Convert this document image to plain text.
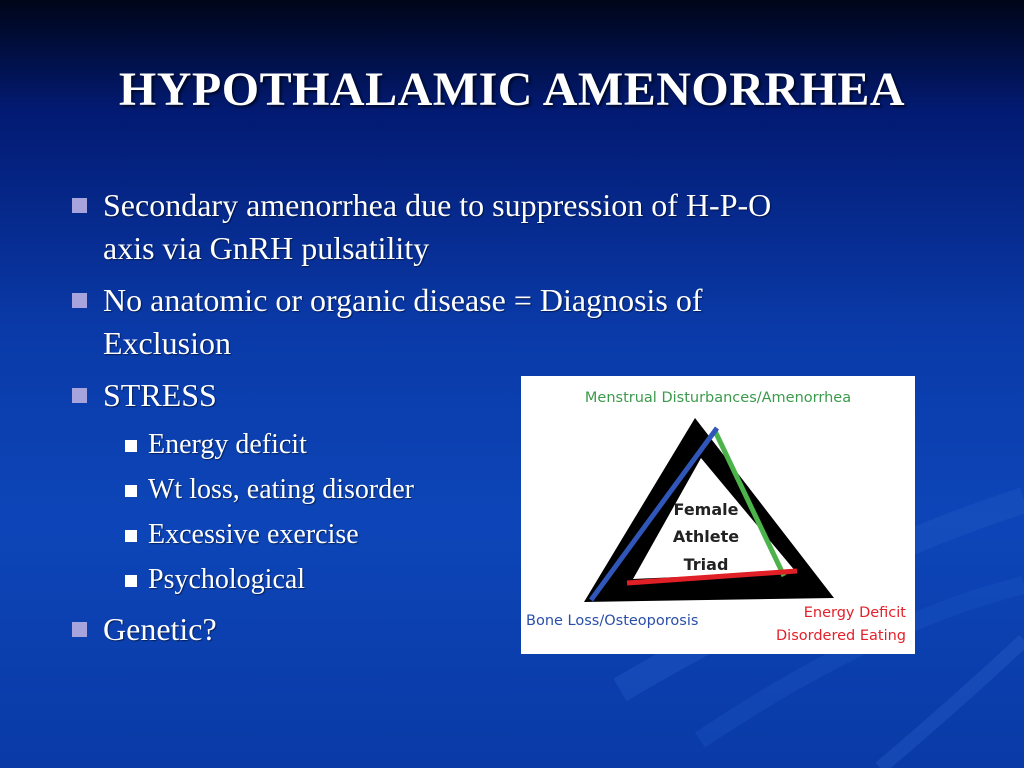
HYPOTHALAMIC AMENORRHEA
Secondary amenorrhea due to suppression of H-P-O
axis via GnRH pulsatility
No anatomic or organic disease = Diagnosis of
Exclusion
STRESS
Energy deficit
Wt loss, eating disorder
Excessive exercise
Psychological
Genetic?
Menstrual Disturbances/Amenorrhea
Female
Athlete
Triad
Bone Loss/Osteoporosis	Energy Deficit
Disordered Eating
